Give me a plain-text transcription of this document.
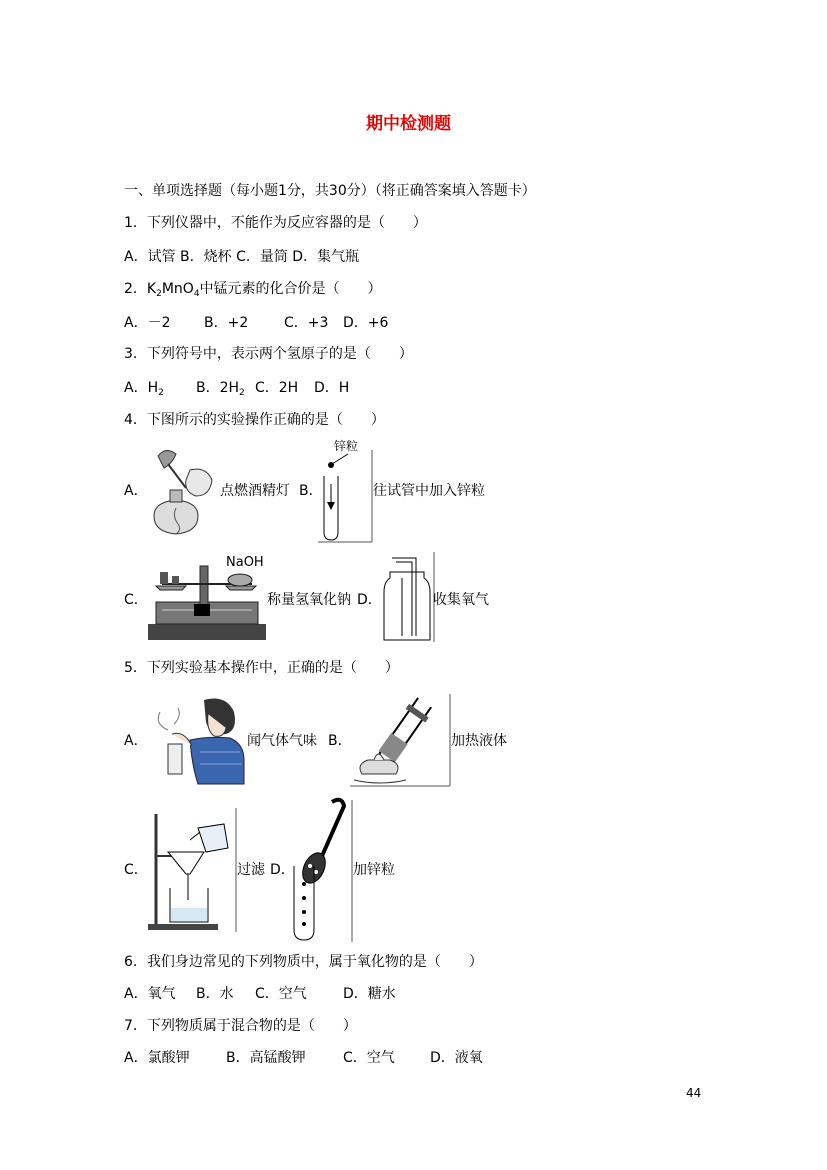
期中检测题
一、单项选择题（每小题1分，共30分）（将正确答案填入答题卡）
1．下列仪器中，不能作为反应容器的是（　　）
A．试管 B．烧杯 C．量筒 D．集气瓶
2．$K_2MnO_4$中锰元素的化合价是（　　）
A．－2 B．+2	C．+3 D．+6
3．下列符号中，表示两个氢原子的是（　　）
A．$H_2$ B．$2H_2$ C．2H D．H
4．下图所示的实验操作正确的是（　　）
A．	点燃酒精灯 B．
锌粒
往试管中加入锌粒
C．
NaOH
称量氢氧化钠 D．	收集氧气
5．下列实验基本操作中，正确的是（　　）
A．	闻气体气味 B．	加热液体
C．	过滤 D．	加锌粒
6．我们身边常见的下列物质中，属于氧化物的是（　　）
A．氧气 B．水 C．空气	D．糖水
7．下列物质属于混合物的是（　　）
A．氯酸钾	B．高锰酸钾	C．空气	D．液氧
44
